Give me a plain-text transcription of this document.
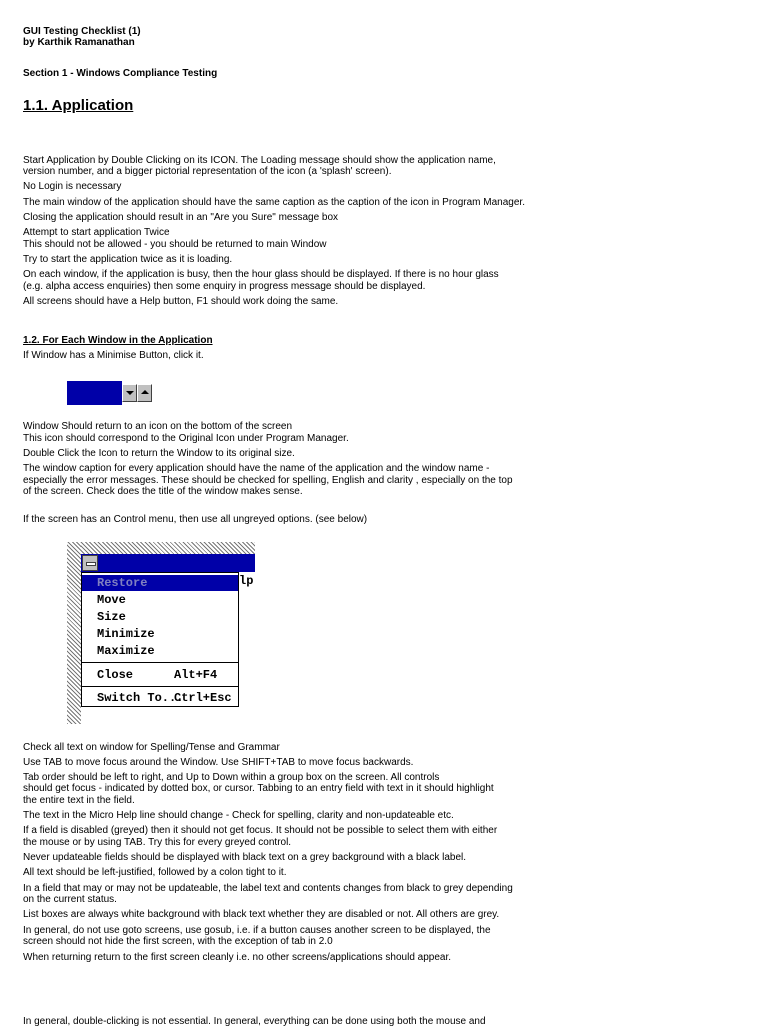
GUI Testing Checklist (1)
by Karthik Ramanathan
Section 1 - Windows Compliance Testing
1.1. Application
Start Application by Double Clicking on its ICON. The Loading message should show the application name,
version number, and a bigger pictorial representation of the icon (a 'splash' screen).
No Login is necessary
The main window of the application should have the same caption as the caption of the icon in Program Manager.
Closing the application should result in an "Are you Sure" message box
Attempt to start application Twice
This should not be allowed - you should be returned to main Window
Try to start the application twice as it is loading.
On each window, if the application is busy, then the hour glass should be displayed. If there is no hour glass
(e.g. alpha access enquiries) then some enquiry in progress message should be displayed.
All screens should have a Help button, F1 should work doing the same.
1.2. For Each Window in the Application
If Window has a Minimise Button, click it.
Window Should return to an icon on the bottom of the screen
This icon should correspond to the Original Icon under Program Manager.
Double Click the Icon to return the Window to its original size.
The window caption for every application should have the name of the application and the window name -
especially the error messages. These should be checked for spelling, English and clarity , especially on the top
of the screen. Check does the title of the window makes sense.
If the screen has an Control menu, then use all ungreyed options. (see below)
lp
Restore
Move
Size
Minimize
Maximize
Close	Alt+F4
Switch To...
Ctrl+Esc
Check all text on window for Spelling/Tense and Grammar
Use TAB to move focus around the Window. Use SHIFT+TAB to move focus backwards.
Tab order should be left to right, and Up to Down within a group box on the screen. All controls
should get focus - indicated by dotted box, or cursor. Tabbing to an entry field with text in it should highlight
the entire text in the field.
The text in the Micro Help line should change - Check for spelling, clarity and non-updateable etc.
If a field is disabled (greyed) then it should not get focus. It should not be possible to select them with either
the mouse or by using TAB. Try this for every greyed control.
Never updateable fields should be displayed with black text on a grey background with a black label.
All text should be left-justified, followed by a colon tight to it.
In a field that may or may not be updateable, the label text and contents changes from black to grey depending
on the current status.
List boxes are always white background with black text whether they are disabled or not. All others are grey.
In general, do not use goto screens, use gosub, i.e. if a button causes another screen to be displayed, the
screen should not hide the first screen, with the exception of tab in 2.0
When returning return to the first screen cleanly i.e. no other screens/applications should appear.
In general, double-clicking is not essential. In general, everything can be done using both the mouse and
